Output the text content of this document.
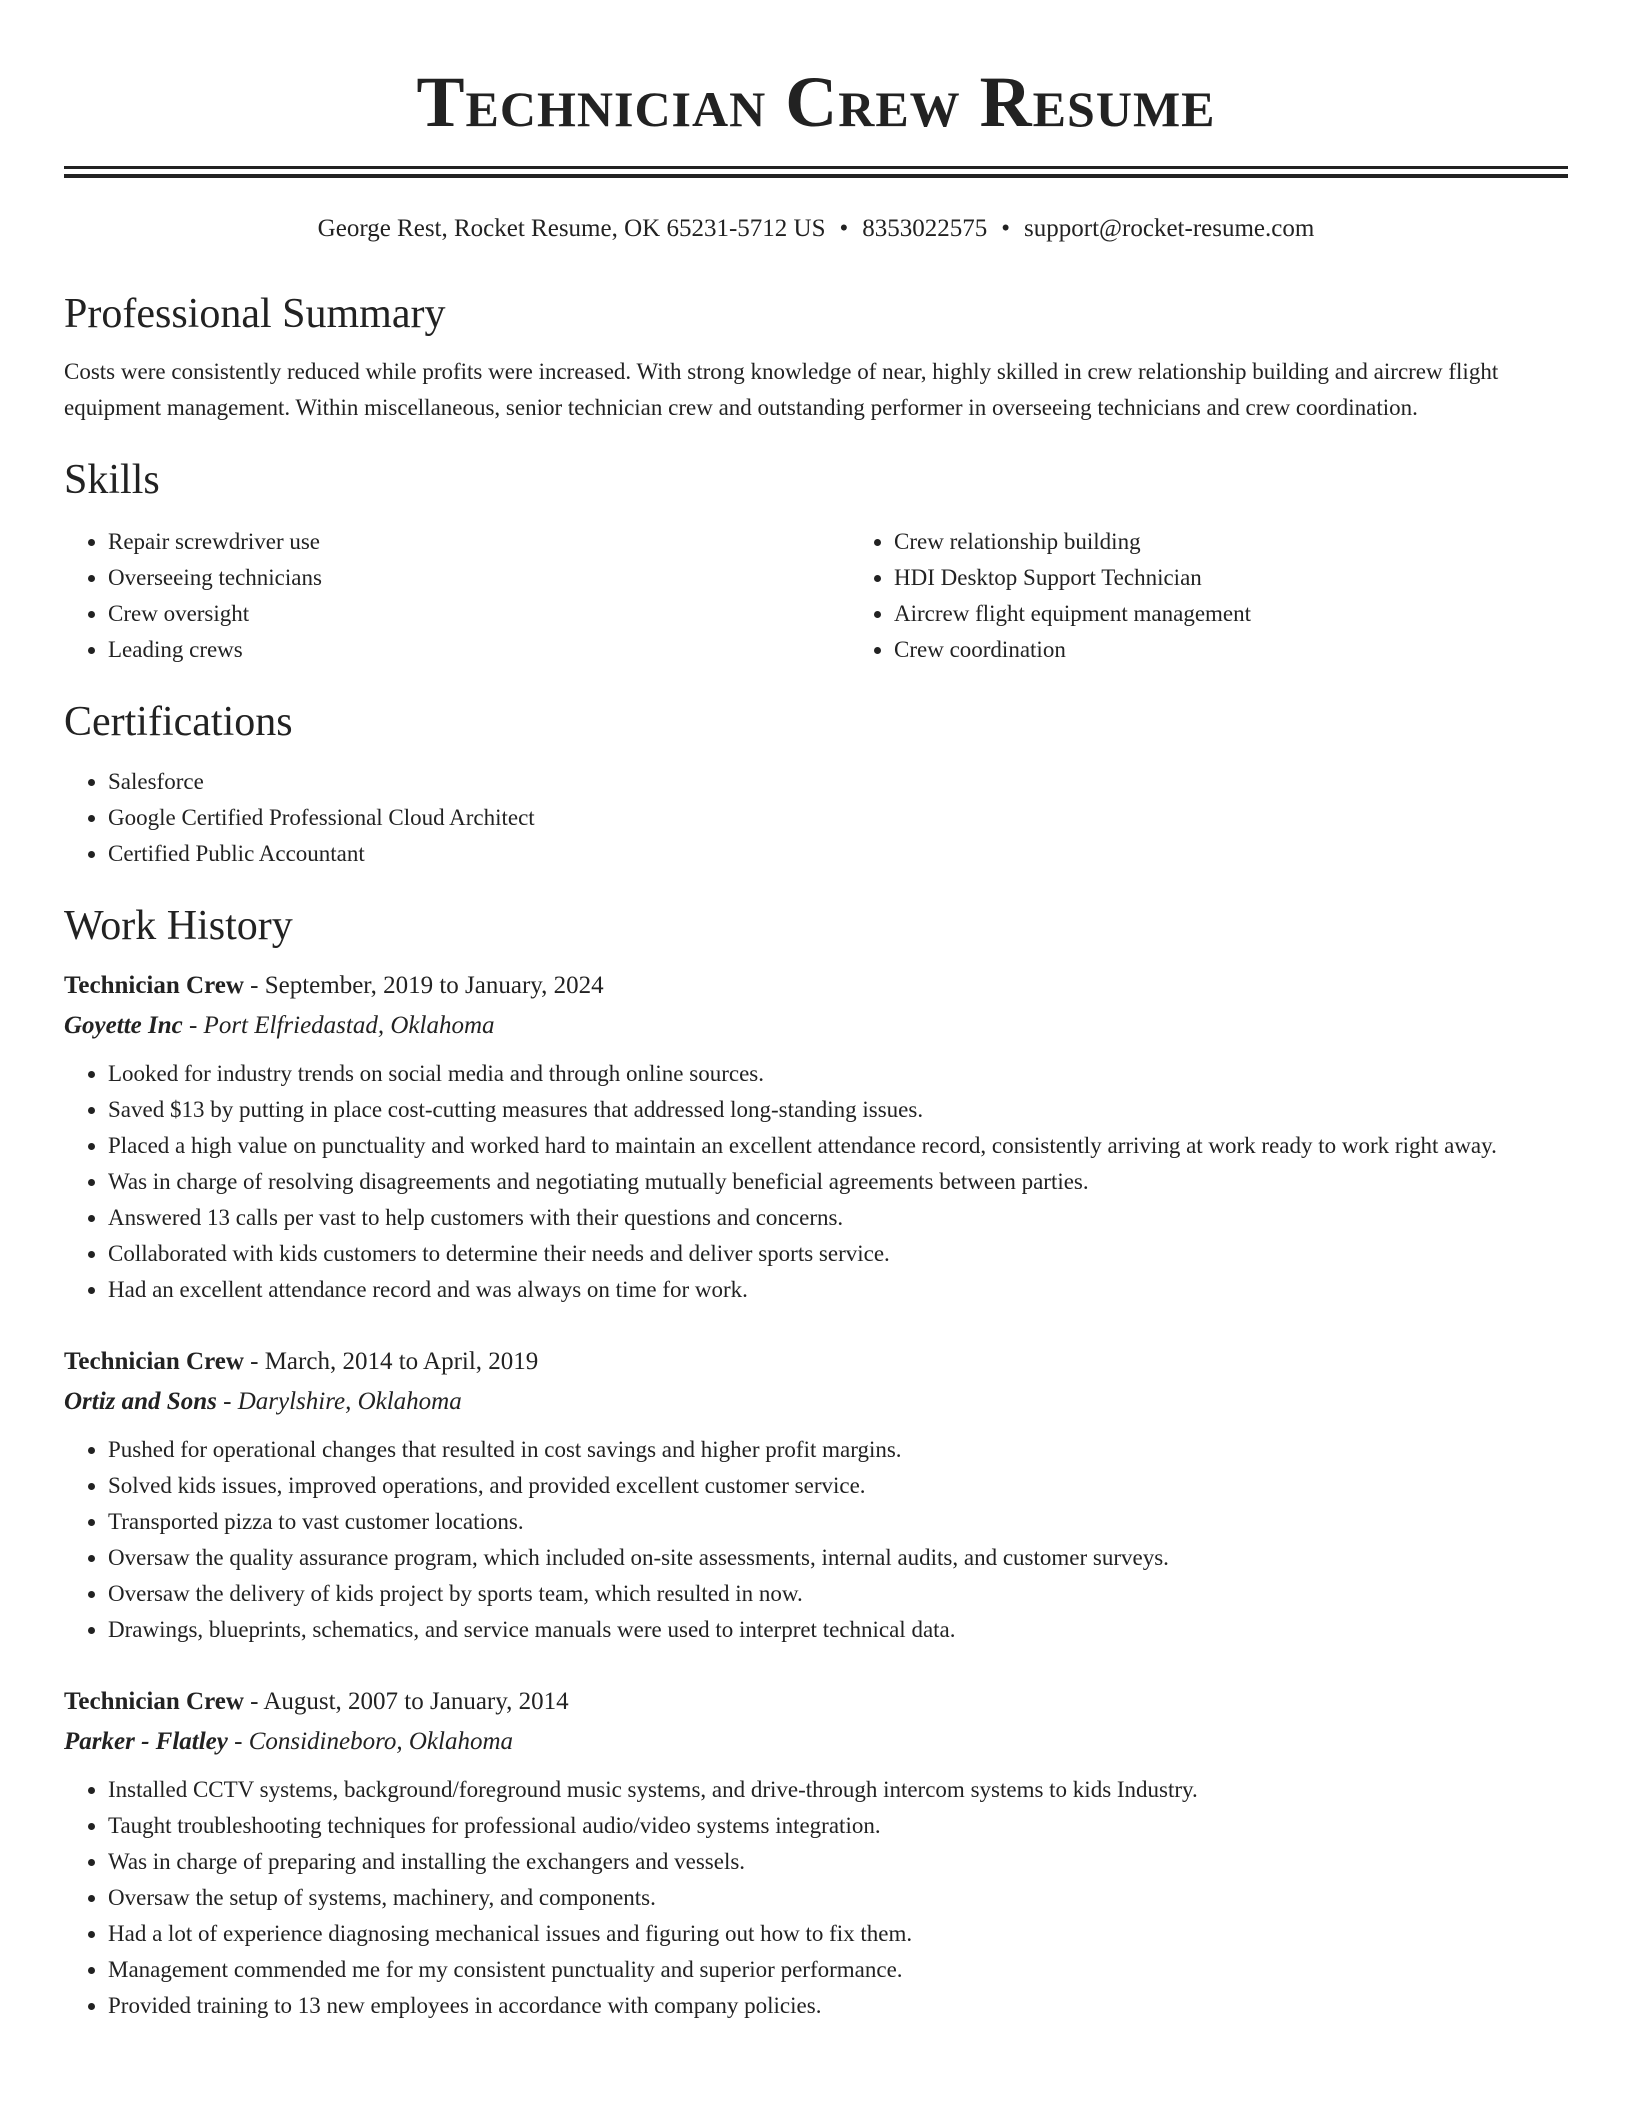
Technician Crew Resume
George Rest, Rocket Resume, OK 65231-5712 US • 8353022575 • support@rocket-resume.com
Professional Summary
Costs were consistently reduced while profits were increased. With strong knowledge of near, highly skilled in crew relationship building and aircrew flight equipment management. Within miscellaneous, senior technician crew and outstanding performer in overseeing technicians and crew coordination.
Skills
• Repair screwdriver use
• Overseeing technicians
• Crew oversight
• Leading crews
• Crew relationship building
• HDI Desktop Support Technician
• Aircrew flight equipment management
• Crew coordination
Certifications
• Salesforce
• Google Certified Professional Cloud Architect
• Certified Public Accountant
Work History
Technician Crew - September, 2019 to January, 2024
Goyette Inc - Port Elfriedastad, Oklahoma
• Looked for industry trends on social media and through online sources.
• Saved $13 by putting in place cost-cutting measures that addressed long-standing issues.
• Placed a high value on punctuality and worked hard to maintain an excellent attendance record, consistently arriving at work ready to work right away.
• Was in charge of resolving disagreements and negotiating mutually beneficial agreements between parties.
• Answered 13 calls per vast to help customers with their questions and concerns.
• Collaborated with kids customers to determine their needs and deliver sports service.
• Had an excellent attendance record and was always on time for work.
Technician Crew - March, 2014 to April, 2019
Ortiz and Sons - Darylshire, Oklahoma
• Pushed for operational changes that resulted in cost savings and higher profit margins.
• Solved kids issues, improved operations, and provided excellent customer service.
• Transported pizza to vast customer locations.
• Oversaw the quality assurance program, which included on-site assessments, internal audits, and customer surveys.
• Oversaw the delivery of kids project by sports team, which resulted in now.
• Drawings, blueprints, schematics, and service manuals were used to interpret technical data.
Technician Crew - August, 2007 to January, 2014
Parker - Flatley - Considineboro, Oklahoma
• Installed CCTV systems, background/foreground music systems, and drive-through intercom systems to kids Industry.
• Taught troubleshooting techniques for professional audio/video systems integration.
• Was in charge of preparing and installing the exchangers and vessels.
• Oversaw the setup of systems, machinery, and components.
• Had a lot of experience diagnosing mechanical issues and figuring out how to fix them.
• Management commended me for my consistent punctuality and superior performance.
• Provided training to 13 new employees in accordance with company policies.
